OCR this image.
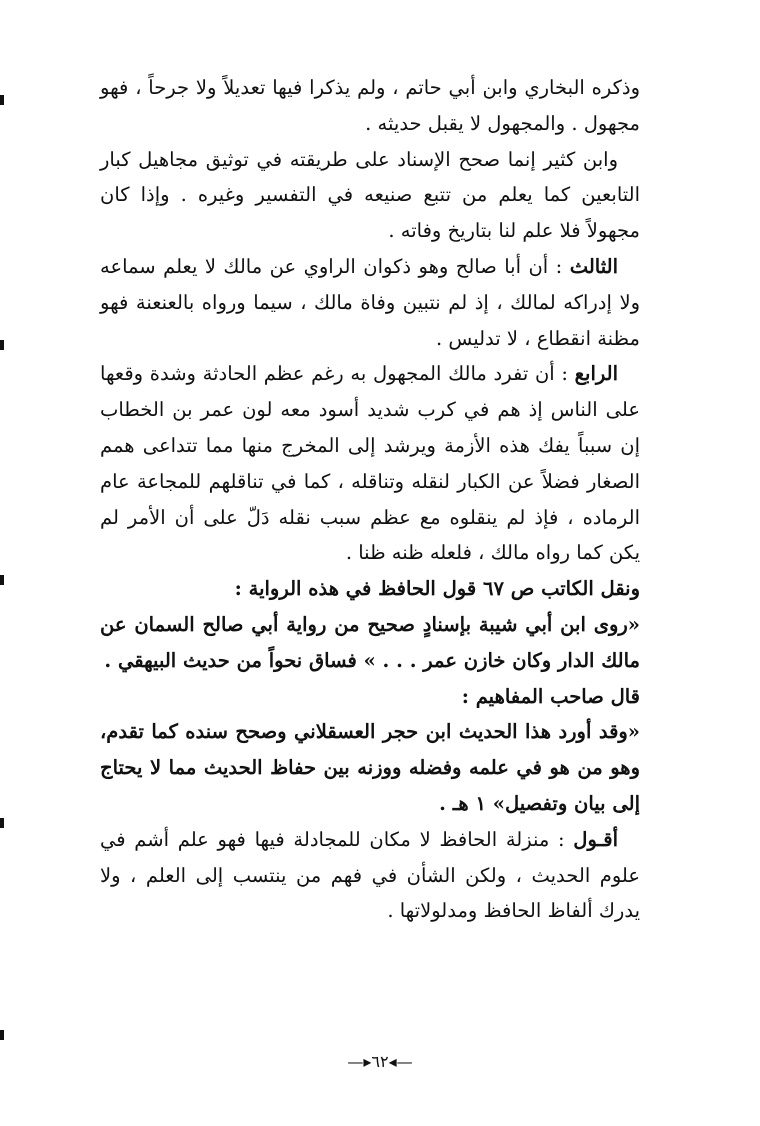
وذكره البخاري وابن أبي حاتم ، ولم يذكرا فيها تعديلاً ولا جرحاً ، فهو مجهول . والمجهول لا يقبل حديثه .

وابن كثير إنما صحح الإسناد على طريقته في توثيق مجاهيل كبار التابعين كما يعلم من تتبع صنيعه في التفسير وغيره . وإذا كان مجهولاً فلا علم لنا بتاريخ وفاته .

الثالث : أن أبا صالح وهو ذكوان الراوي عن مالك لا يعلم سماعه ولا إدراكه لمالك ، إذ لم نتبين وفاة مالك ، سيما ورواه بالعنعنة فهو مظنة انقطاع ، لا تدليس .

الرابع : أن تفرد مالك المجهول به رغم عظم الحادثة وشدة وقعها على الناس إذ هم في كرب شديد أسود معه لون عمر بن الخطاب إن سبباً يفك هذه الأزمة ويرشد إلى المخرج منها مما تتداعى همم الصغار فضلاً عن الكبار لنقله وتناقله ، كما في تناقلهم للمجاعة عام الرماده ، فإذ لم ينقلوه مع عظم سبب نقله دَلّ على أن الأمر لم يكن كما رواه مالك ، فلعله ظنه ظنا .

ونقل الكاتب ص ٦٧ قول الحافظ في هذه الرواية :

«روى ابن أبي شيبة بإسنادٍ صحيح من رواية أبي صالح السمان عن مالك الدار وكان خازن عمر . . . » فساق نحواً من حديث البيهقي .

قال صاحب المفاهيم :

«وقد أورد هذا الحديث ابن حجر العسقلاني وصحح سنده كما تقدم، وهو من هو في علمه وفضله ووزنه بين حفاظ الحديث مما لا يحتاج إلى بيان وتفصيل» ١ هـ .

أقـول : منزلة الحافظ لا مكان للمجادلة فيها فهو علم أشم في علوم الحديث ، ولكن الشأن في فهم من ينتسب إلى العلم ، ولا يدرك ألفاظ الحافظ ومدلولاتها .

—◂٦٢▸—
